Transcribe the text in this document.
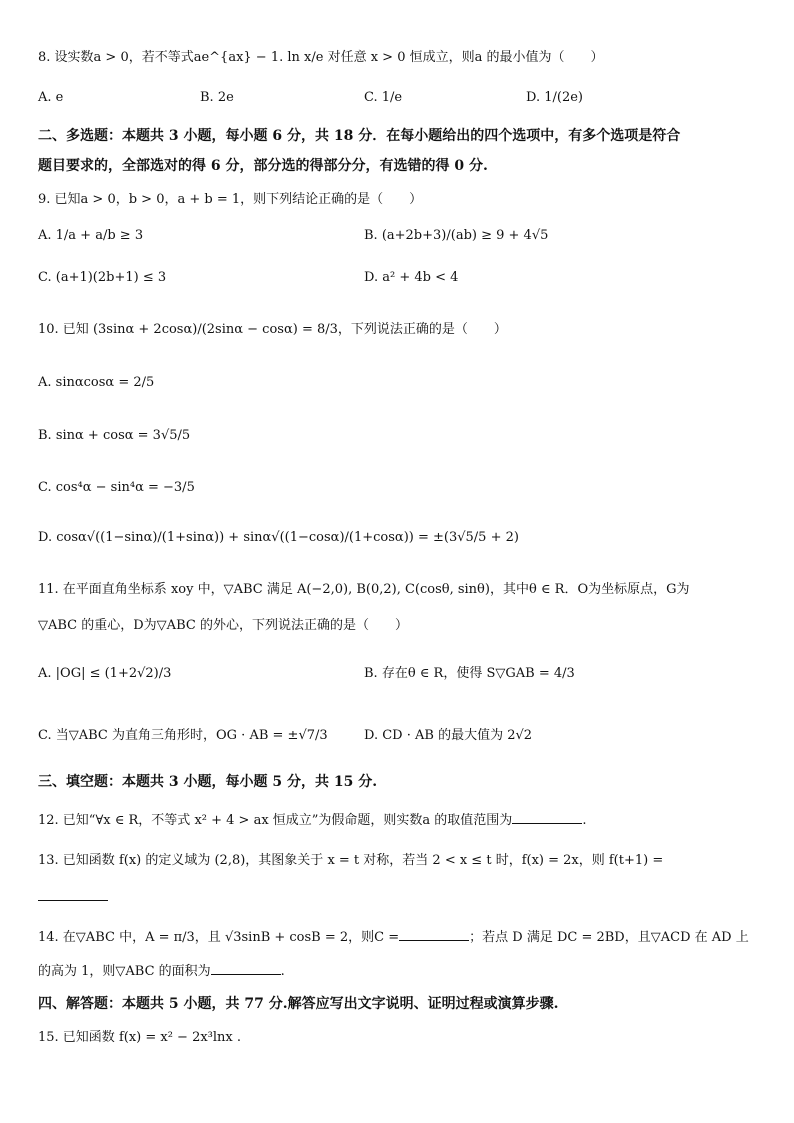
8. 设实数a > 0，若不等式ae^{ax} − 1. ln x/e 对任意 x > 0 恒成立，则a 的最小值为（　　）
A. e	B. 2e	C. 1/e	D. 1/(2e)
二、多选题：本题共 3 小题，每小题 6 分，共 18 分．在每小题给出的四个选项中，有多个选项是符合
题目要求的，全部选对的得 6 分，部分选的得部分分，有选错的得 0 分.
9. 已知a > 0，b > 0，a + b = 1，则下列结论正确的是（　　）
A. 1/a + a/b ≥ 3	B. (a+2b+3)/(ab) ≥ 9 + 4√5
C. (a+1)(2b+1) ≤ 3	D. a² + 4b < 4
10. 已知 (3sinα + 2cosα)/(2sinα − cosα) = 8/3，下列说法正确的是（　　）
A. sinαcosα = 2/5
B. sinα + cosα = 3√5/5
C. cos⁴α − sin⁴α = −3/5
D. cosα√((1−sinα)/(1+sinα)) + sinα√((1−cosα)/(1+cosα)) = ±(3√5/5 + 2)
11. 在平面直角坐标系 xoy 中，▽ABC 满足 A(−2,0), B(0,2), C(cosθ, sinθ)，其中θ ∈ R．O为坐标原点，G为
▽ABC 的重心，D为▽ABC 的外心，下列说法正确的是（　　）
A. |OG| ≤ (1+2√2)/3	B. 存在θ ∈ R，使得 S▽GAB = 4/3
C. 当▽ABC 为直角三角形时，OG · AB = ±√7/3	D. CD · AB 的最大值为 2√2
三、填空题：本题共 3 小题，每小题 5 分，共 15 分.
12. 已知“∀x ∈ R，不等式 x² + 4 > ax 恒成立”为假命题，则实数a 的取值范围为	.
13. 已知函数 f(x) 的定义域为 (2,8)，其图象关于 x = t 对称，若当 2 < x ≤ t 时，f(x) = 2x，则 f(t+1) =
14. 在▽ABC 中，A = π/3，且 √3sinB + cosB = 2，则C =	；若点 D 满足 DC = 2BD，且▽ACD 在 AD 上
的高为 1，则▽ABC 的面积为	.
四、解答题：本题共 5 小题，共 77 分.解答应写出文字说明、证明过程或演算步骤.
15. 已知函数 f(x) = x² − 2x³lnx .
